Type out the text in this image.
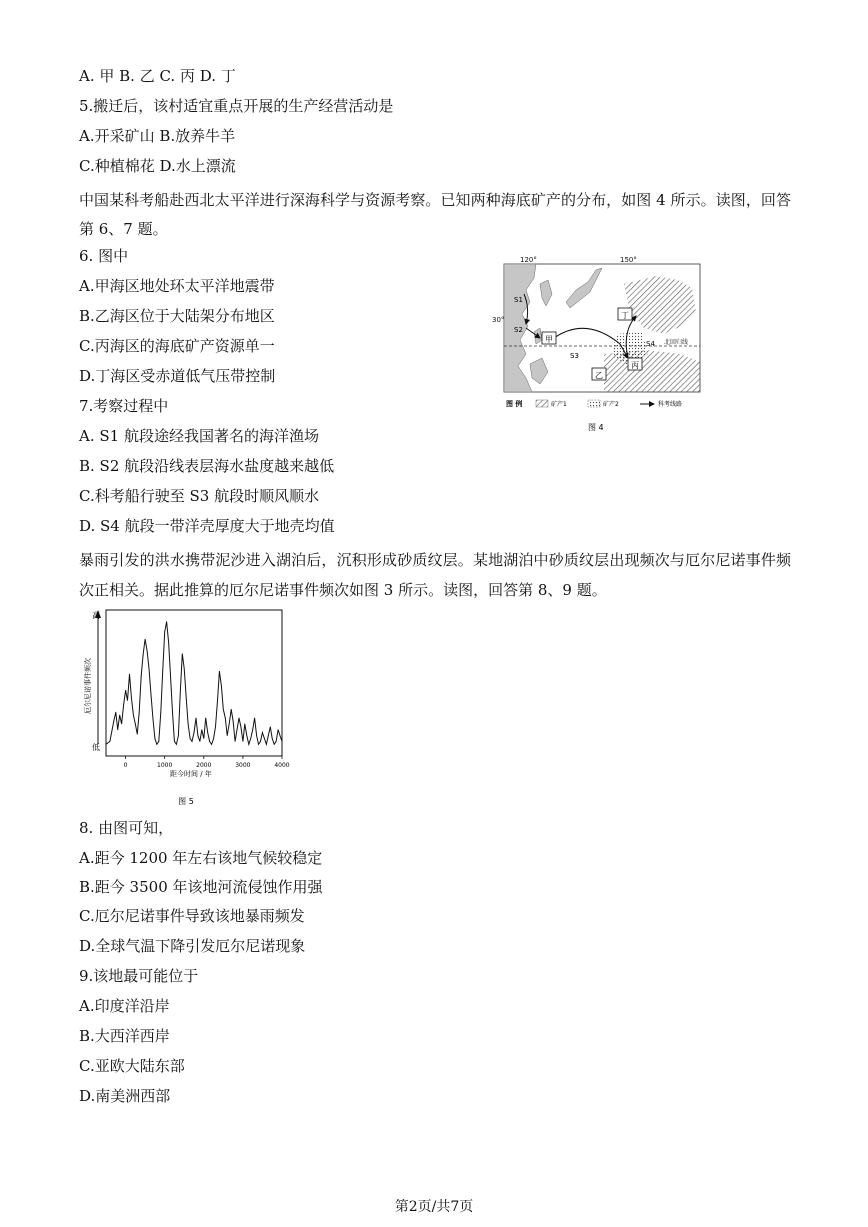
A. 甲 B. 乙 C. 丙 D. 丁
5.搬迁后，该村适宜重点开展的生产经营活动是
A.开采矿山 B.放养牛羊
C.种植棉花 D.水上漂流
中国某科考船赴西北太平洋进行深海科学与资源考察。已知两种海底矿产的分布，如图 4 所示。读图，回答第 6、7 题。
6. 图中
A.甲海区地处环太平洋地震带
B.乙海区位于大陆架分布地区
C.丙海区的海底矿产资源单一
D.丁海区受赤道低气压带控制
7.考察过程中
A. S1 航段途经我国著名的海洋渔场
B. S2 航段沿线表层海水盐度越来越低
C.科考船行驶至 S3 航段时顺风顺水
D. S4 航段一带洋壳厚度大于地壳均值
暴雨引发的洪水携带泥沙进入湖泊后，沉积形成砂质纹层。某地湖泊中砂质纹层出现频次与厄尔尼诺事件频次正相关。据此推算的厄尔尼诺事件频次如图 3 所示。读图，回答第 8、9 题。
北回归线
120°	150°
30°
S1
S2
S3
S4
甲
乙
丙
丁
图 例	矿产1	矿产2	科考线路
图 4
高
低
厄尔尼诺事件频次
0	1000	2000	3000	4000
距今时间 / 年
图 5
8. 由图可知，
A.距今 1200 年左右该地气候较稳定
B.距今 3500 年该地河流侵蚀作用强
C.厄尔尼诺事件导致该地暴雨频发
D.全球气温下降引发厄尔尼诺现象
9.该地最可能位于
A.印度洋沿岸
B.大西洋西岸
C.亚欧大陆东部
D.南美洲西部
第2页/共7页
